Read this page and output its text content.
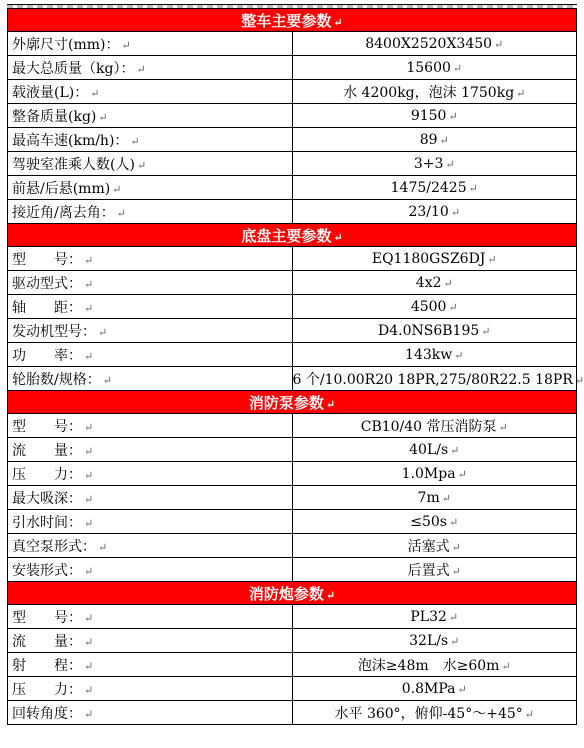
整车主要参数 ↵	
外廓尺寸(mm)： ↵	8400X2520X3450 ↵
最大总质量（kg）： ↵	15600 ↵
载液量(L)： ↵	水 4200kg，泡沫 1750kg ↵
整备质量(kg) ↵	9150 ↵
最高车速(km/h)： ↵	89 ↵
驾驶室准乘人数(人) ↵	3+3 ↵
前悬/后悬(mm) ↵	1475/2425 ↵
接近角/离去角： ↵	23/10 ↵
底盘主要参数 ↵	
型　　号： ↵	EQ1180GSZ6DJ ↵
驱动型式： ↵	4x2 ↵
轴　　距： ↵	4500 ↵
发动机型号： ↵	D4.0NS6B195 ↵
功　　率： ↵	143kw ↵
轮胎数/规格： ↵	6 个/10.00R20 18PR,275/80R22.5 18PR ↵
消防泵参数 ↵	
型　　号： ↵	CB10/40 常压消防泵 ↵
流　　量： ↵	40L/s ↵
压　　力： ↵	1.0Mpa ↵
最大吸深： ↵	7m ↵
引水时间： ↵	≤50s ↵
真空泵形式： ↵	活塞式 ↵
安装形式： ↵	后置式 ↵
消防炮参数 ↵	
型　　号： ↵	PL32 ↵
流　　量： ↵	32L/s ↵
射　　程： ↵	泡沫≥48m　水≥60m ↵
压　　力： ↵	0.8MPa ↵
回转角度： ↵	水平 360°，俯仰-45°～+45° ↵
